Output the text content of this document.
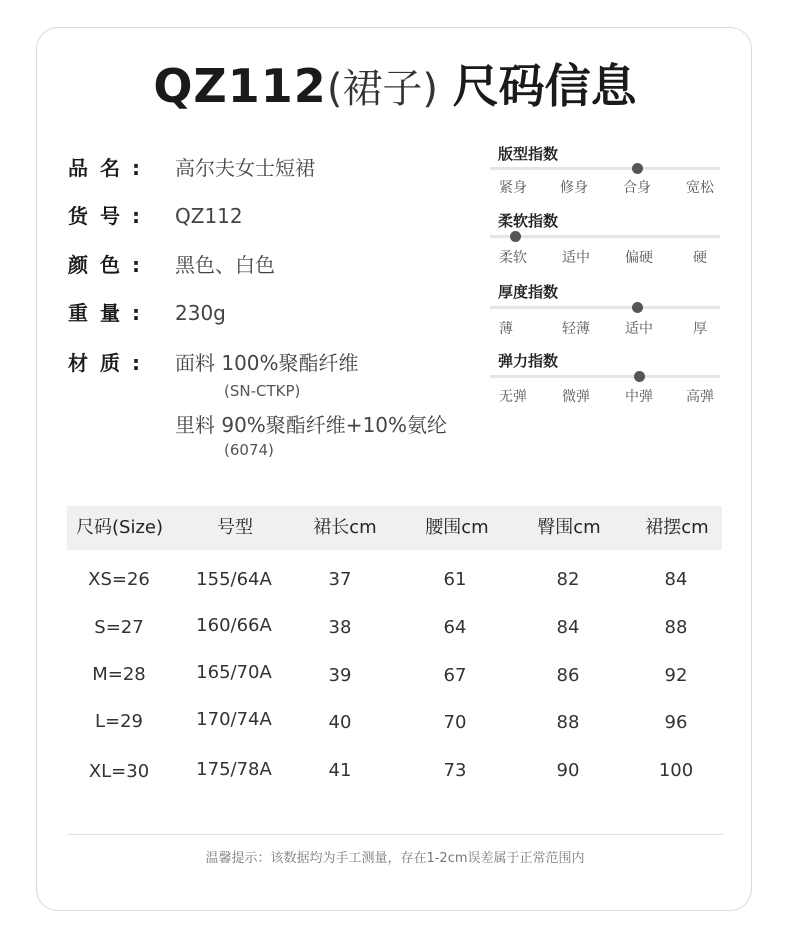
QZ112(裙子) 尺码信息
品名: 高尔夫女士短裙
货号: QZ112
颜色: 黑色、白色
重量: 230g
材质: 面料 100%聚酯纤维
(SN-CTKP)
里料 90%聚酯纤维+10%氨纶
(6074)
版型指数
紧身	修身	合身	宽松
柔软指数
柔软	适中	偏硬	硬
厚度指数
薄	轻薄	适中	厚
弹力指数
无弹	微弹	中弹	高弹
尺码(Size)	号型	裙长cm	腰围cm	臀围cm	裙摆cm
XS=26	155/64A	37	61	82	84
S=27	160/66A	38	64	84	88
M=28	165/70A	39	67	86	92
L=29	170/74A	40	70	88	96
XL=30	175/78A	41	73	90	100
温馨提示：该数据均为手工测量，存在1-2cm误差属于正常范围内
